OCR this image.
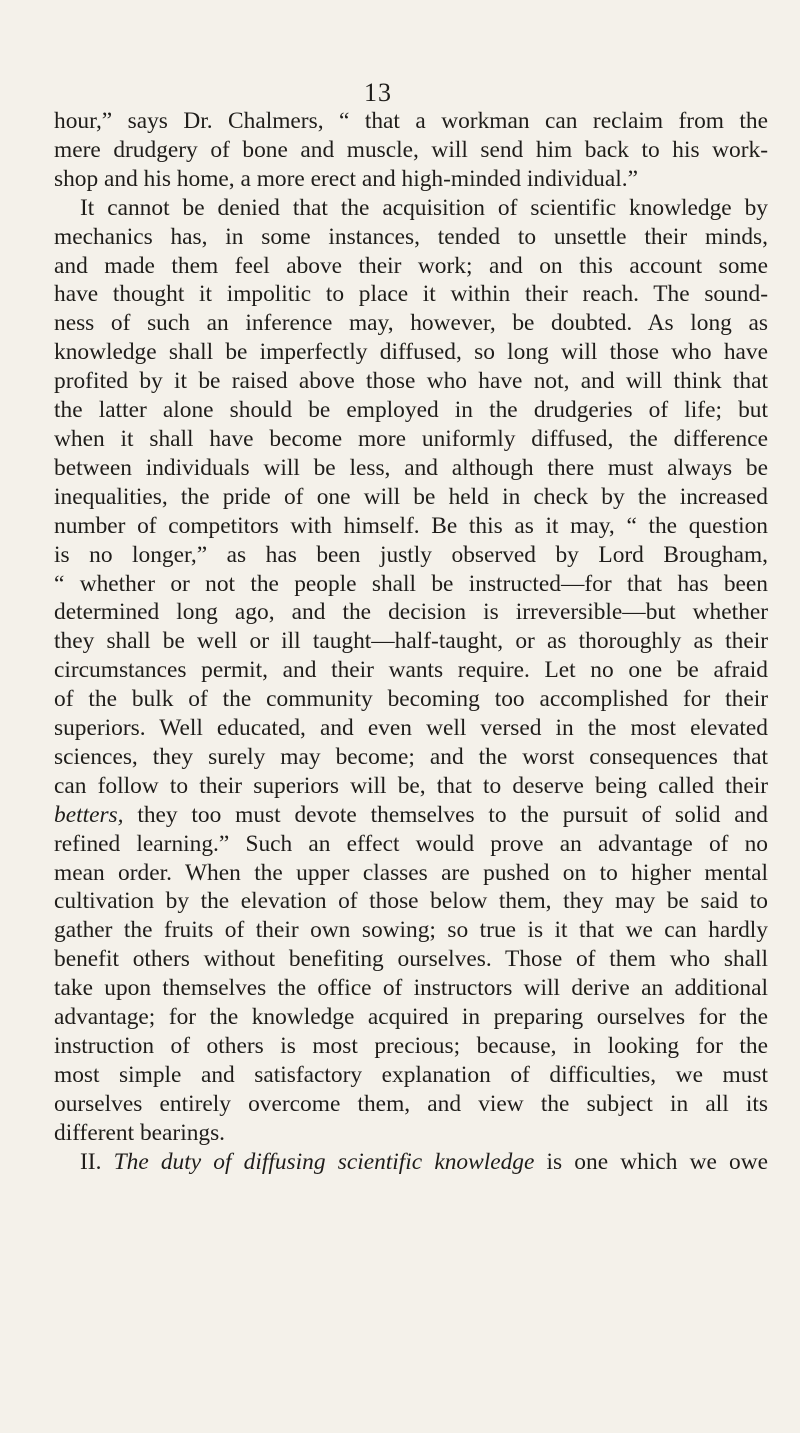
13
hour,” says Dr. Chalmers, “ that a workman can reclaim from the
mere drudgery of bone and muscle, will send him back to his work-
shop and his home, a more erect and high-minded individual.”
It cannot be denied that the acquisition of scientific knowledge by
mechanics has, in some instances, tended to unsettle their minds,
and made them feel above their work; and on this account some
have thought it impolitic to place it within their reach. The sound-
ness of such an inference may, however, be doubted. As long as
knowledge shall be imperfectly diffused, so long will those who have
profited by it be raised above those who have not, and will think that
the latter alone should be employed in the drudgeries of life; but
when it shall have become more uniformly diffused, the difference
between individuals will be less, and although there must always be
inequalities, the pride of one will be held in check by the increased
number of competitors with himself. Be this as it may, “ the question
is no longer,” as has been justly observed by Lord Brougham,
“ whether or not the people shall be instructed—for that has been
determined long ago, and the decision is irreversible—but whether
they shall be well or ill taught—half-taught, or as thoroughly as their
circumstances permit, and their wants require. Let no one be afraid
of the bulk of the community becoming too accomplished for their
superiors. Well educated, and even well versed in the most elevated
sciences, they surely may become; and the worst consequences that
can follow to their superiors will be, that to deserve being called their
betters, they too must devote themselves to the pursuit of solid and
refined learning.” Such an effect would prove an advantage of no
mean order. When the upper classes are pushed on to higher mental
cultivation by the elevation of those below them, they may be said to
gather the fruits of their own sowing; so true is it that we can hardly
benefit others without benefiting ourselves. Those of them who shall
take upon themselves the office of instructors will derive an additional
advantage; for the knowledge acquired in preparing ourselves for the
instruction of others is most precious; because, in looking for the
most simple and satisfactory explanation of difficulties, we must
ourselves entirely overcome them, and view the subject in all its
different bearings.
II. The duty of diffusing scientific knowledge is one which we owe
